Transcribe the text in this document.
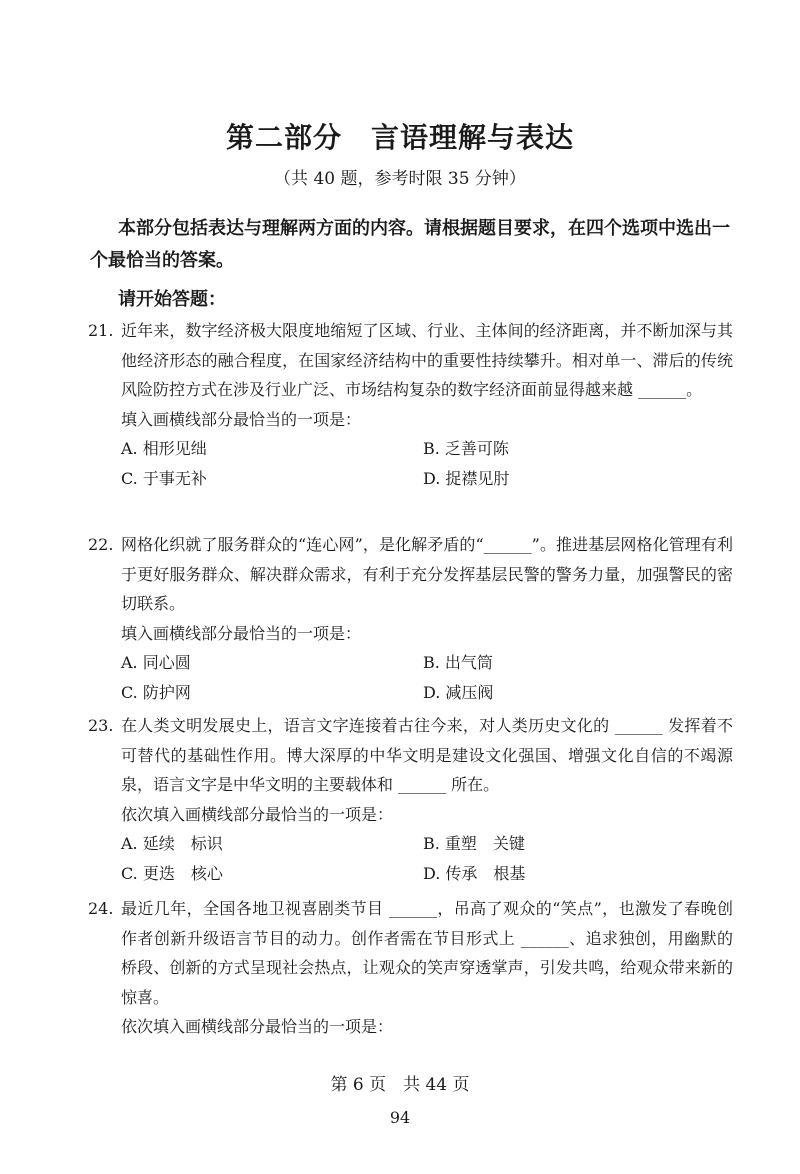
第二部分　言语理解与表达
（共 40 题，参考时限 35 分钟）
本部分包括表达与理解两方面的内容。请根据题目要求，在四个选项中选出一个最恰当的答案。
请开始答题：
21. 近年来，数字经济极大限度地缩短了区域、行业、主体间的经济距离，并不断加深与其他经济形态的融合程度，在国家经济结构中的重要性持续攀升。相对单一、滞后的传统风险防控方式在涉及行业广泛、市场结构复杂的数字经济面前显得越来越 ______。
填入画横线部分最恰当的一项是：
A. 相形见绌	B. 乏善可陈
C. 于事无补	D. 捉襟见肘
22. 网格化织就了服务群众的“连心网”，是化解矛盾的“______”。推进基层网格化管理有利于更好服务群众、解决群众需求，有利于充分发挥基层民警的警务力量，加强警民的密切联系。
填入画横线部分最恰当的一项是：
A. 同心圆	B. 出气筒
C. 防护网	D. 减压阀
23. 在人类文明发展史上，语言文字连接着古往今来，对人类历史文化的 ______ 发挥着不可替代的基础性作用。博大深厚的中华文明是建设文化强国、增强文化自信的不竭源泉，语言文字是中华文明的主要载体和 ______ 所在。
依次填入画横线部分最恰当的一项是：
A. 延续　标识	B. 重塑　关键
C. 更迭　核心	D. 传承　根基
24. 最近几年，全国各地卫视喜剧类节目 ______，吊高了观众的“笑点”，也激发了春晚创作者创新升级语言节目的动力。创作者需在节目形式上 ______、追求独创，用幽默的桥段、创新的方式呈现社会热点，让观众的笑声穿透掌声，引发共鸣，给观众带来新的惊喜。
依次填入画横线部分最恰当的一项是：
第 6 页　共 44 页
94
